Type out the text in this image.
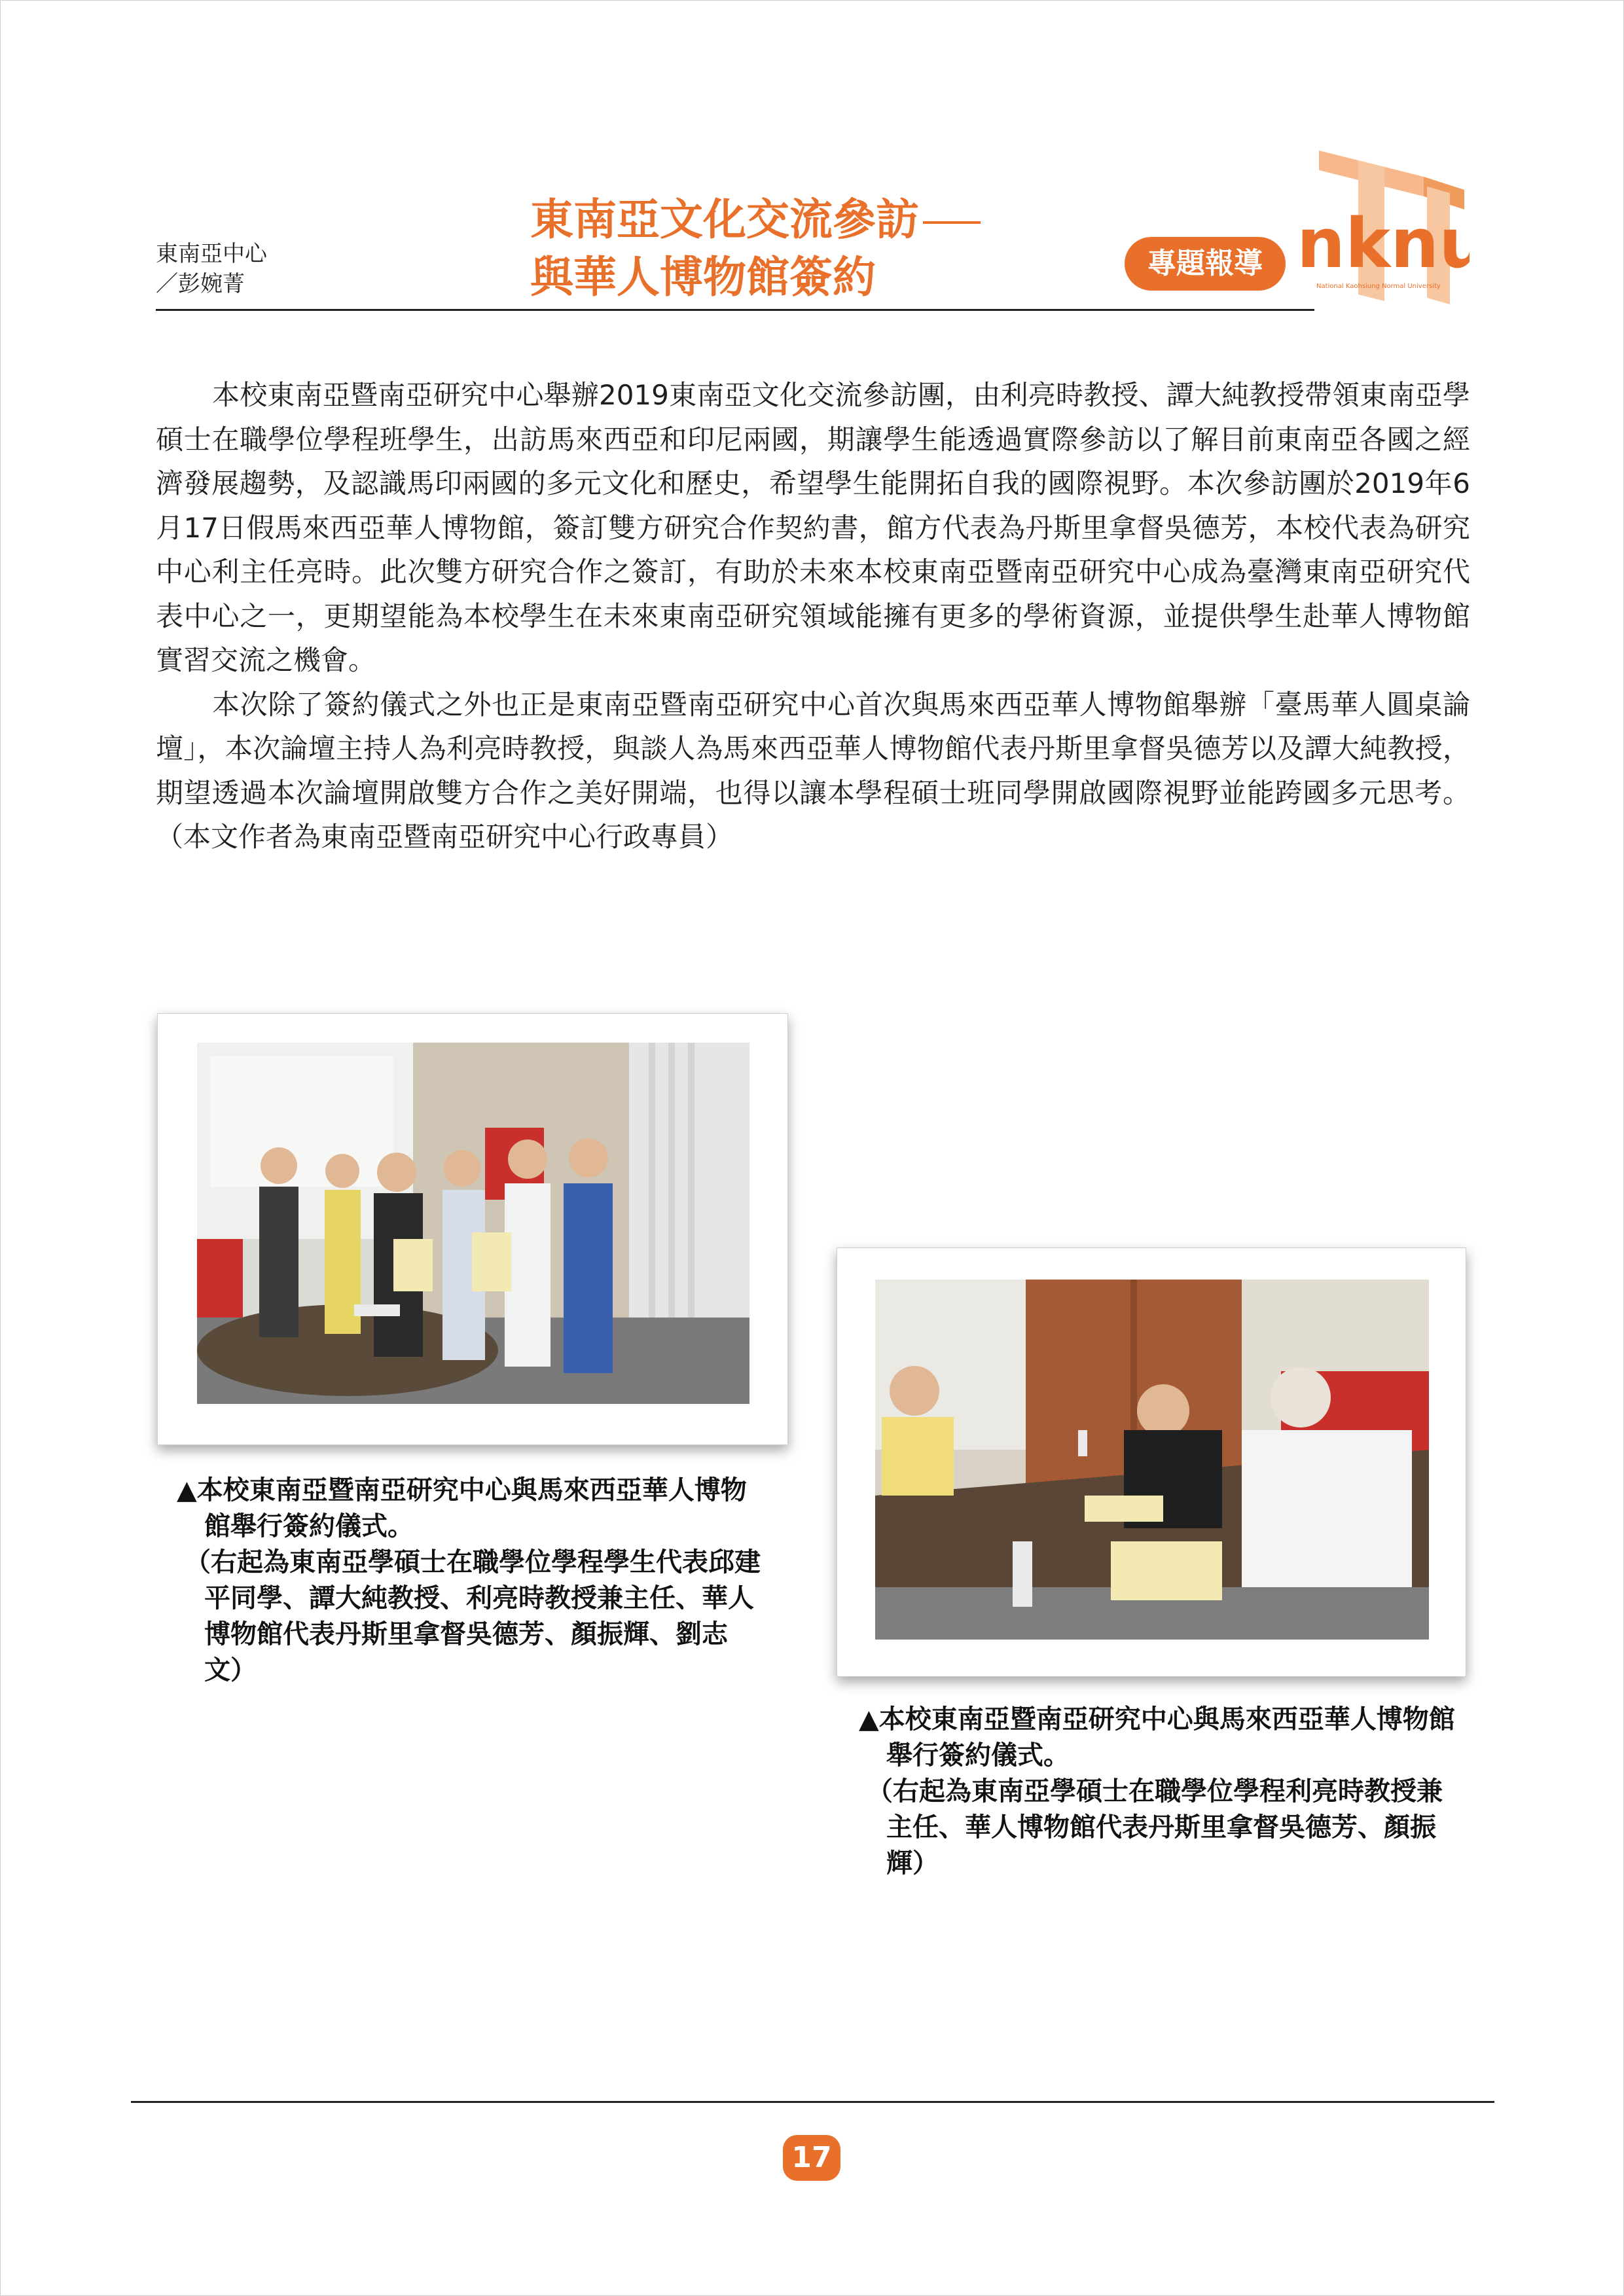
東南亞中心
／彭婉菁
東南亞文化交流參訪
與華人博物館簽約	專題報導 nknu
National Kaohsiung Normal University

本校東南亞暨南亞研究中心舉辦2019東南亞文化交流參訪團，由利亮時教授、譚大純教授帶領東南亞學碩士在職學位學程班學生，出訪馬來西亞和印尼兩國，期讓學生能透過實際參訪以了解目前東南亞各國之經濟發展趨勢，及認識馬印兩國的多元文化和歷史，希望學生能開拓自我的國際視野。本次參訪團於2019年6月17日假馬來西亞華人博物館，簽訂雙方研究合作契約書，館方代表為丹斯里拿督吳德芳，本校代表為研究中心利主任亮時。此次雙方研究合作之簽訂，有助於未來本校東南亞暨南亞研究中心成為臺灣東南亞研究代表中心之一，更期望能為本校學生在未來東南亞研究領域能擁有更多的學術資源，並提供學生赴華人博物館實習交流之機會。

本次除了簽約儀式之外也正是東南亞暨南亞研究中心首次與馬來西亞華人博物館舉辦「臺馬華人圓桌論壇」，本次論壇主持人為利亮時教授，與談人為馬來西亞華人博物館代表丹斯里拿督吳德芳以及譚大純教授，期望透過本次論壇開啟雙方合作之美好開端，也得以讓本學程碩士班同學開啟國際視野並能跨國多元思考。（本文作者為東南亞暨南亞研究中心行政專員）

▲本校東南亞暨南亞研究中心與馬來西亞華人博物館舉行簽約儀式。
（右起為東南亞學碩士在職學位學程學生代表邱建平同學、譚大純教授、利亮時教授兼主任、華人博物館代表丹斯里拿督吳德芳、顏振輝、劉志文）
▲本校東南亞暨南亞研究中心與馬來西亞華人博物館舉行簽約儀式。
（右起為東南亞學碩士在職學位學程利亮時教授兼主任、華人博物館代表丹斯里拿督吳德芳、顏振輝）
17
